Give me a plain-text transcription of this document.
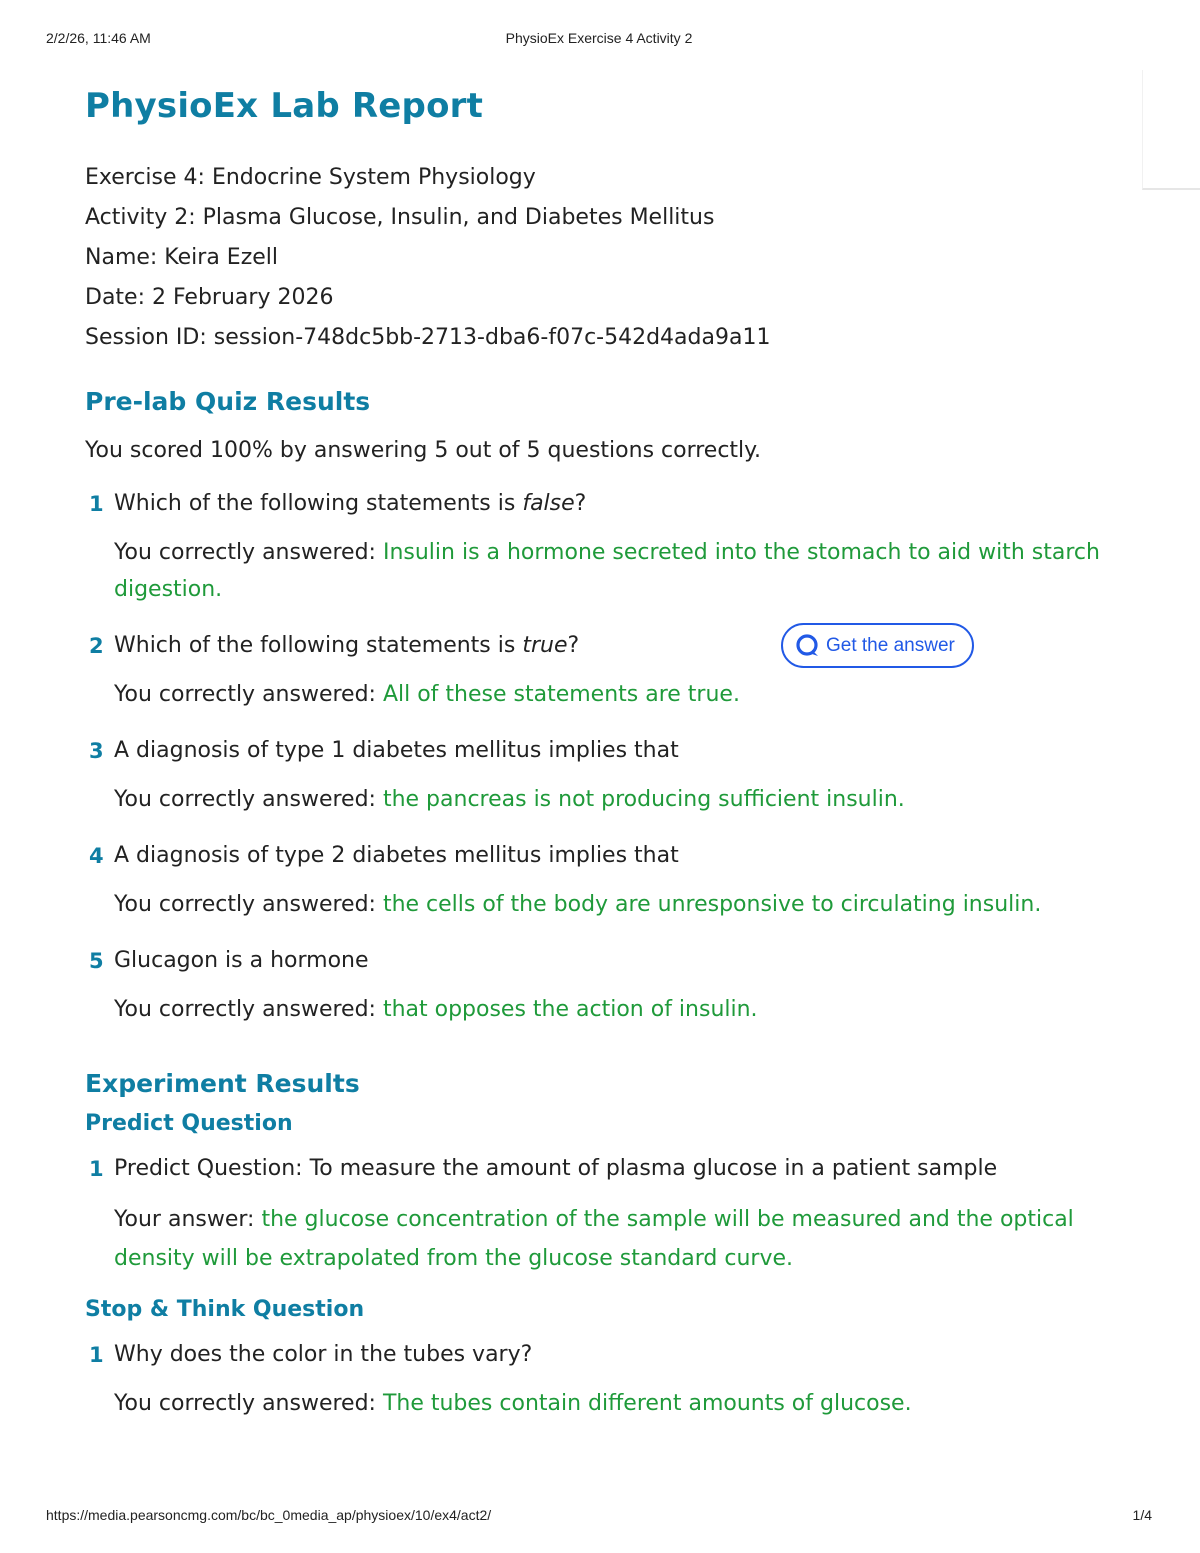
2/2/26, 11:46 AM	PhysioEx Exercise 4 Activity 2
PhysioEx Lab Report
Exercise 4: Endocrine System Physiology
Activity 2: Plasma Glucose, Insulin, and Diabetes Mellitus
Name: Keira Ezell
Date: 2 February 2026
Session ID: session-748dc5bb-2713-dba6-f07c-542d4ada9a11
Pre-lab Quiz Results
You scored 100% by answering 5 out of 5 questions correctly.
1 Which of the following statements is false?
You correctly answered: Insulin is a hormone secreted into the stomach to aid with starch digestion.
2 Which of the following statements is true?
You correctly answered: All of these statements are true.
3 A diagnosis of type 1 diabetes mellitus implies that
You correctly answered: the pancreas is not producing sufficient insulin.
4 A diagnosis of type 2 diabetes mellitus implies that
You correctly answered: the cells of the body are unresponsive to circulating insulin.
5 Glucagon is a hormone
You correctly answered: that opposes the action of insulin.
Experiment Results
Predict Question
1 Predict Question: To measure the amount of plasma glucose in a patient sample
Your answer: the glucose concentration of the sample will be measured and the optical density will be extrapolated from the glucose standard curve.
Stop & Think Question
1 Why does the color in the tubes vary?
You correctly answered: The tubes contain different amounts of glucose.
Get the answer
https://media.pearsoncmg.com/bc/bc_0media_ap/physioex/10/ex4/act2/	1/4
